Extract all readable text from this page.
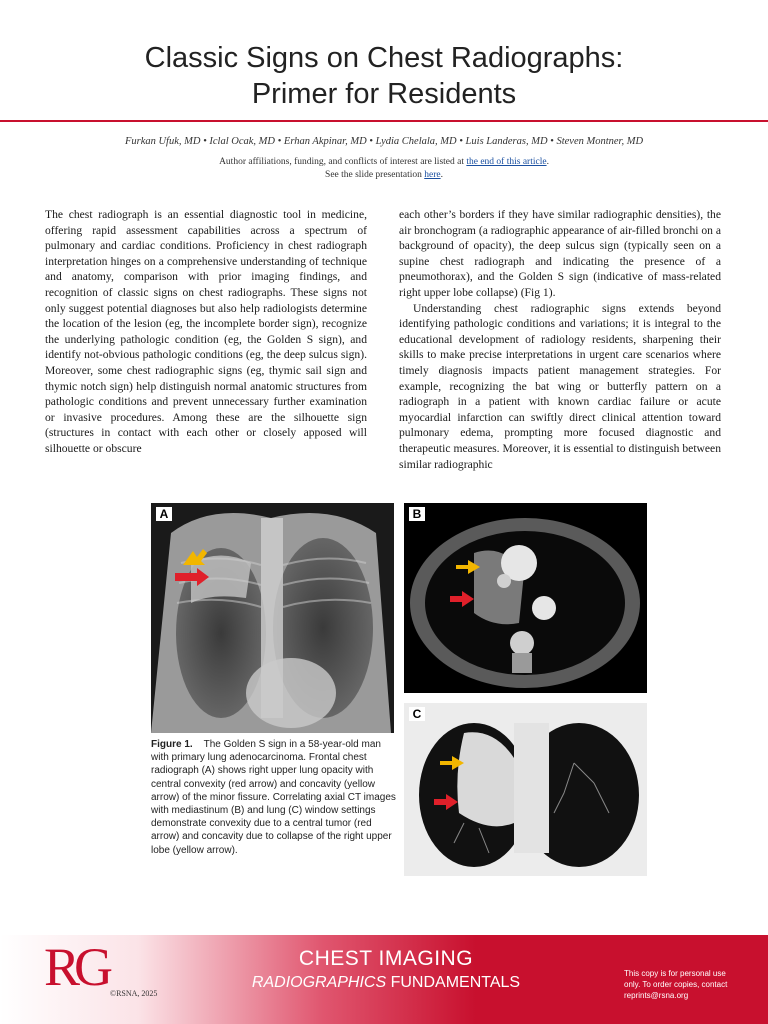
Classic Signs on Chest Radiographs:
Primer for Residents
Furkan Ufuk, MD • Iclal Ocak, MD • Erhan Akpinar, MD • Lydia Chelala, MD • Luis Landeras, MD • Steven Montner, MD
Author affiliations, funding, and conflicts of interest are listed at the end of this article.
See the slide presentation here.

The chest radiograph is an essential diagnostic tool in medicine, offering rapid assessment capabilities across a spectrum of pulmonary and cardiac conditions. Proficiency in chest radiograph interpretation hinges on a comprehensive understanding of technique and anatomy, comparison with prior imaging findings, and recognition of classic signs on chest radiographs. These signs not only suggest potential diagnoses but also help radiologists determine the location of the lesion (eg, the incomplete border sign), recognize the underlying pathologic condition (eg, the Golden S sign), and identify not-obvious pathologic conditions (eg, the deep sulcus sign). Moreover, some chest radiographic signs (eg, thymic sail sign and thymic notch sign) help distinguish normal anatomic structures from pathologic conditions and prevent unnecessary further examination or invasive procedures. Among these are the silhouette sign (structures in contact with each other or closely apposed will silhouette or obscure

each other’s borders if they have similar radiographic densities), the air bronchogram (a radiographic appearance of air-filled bronchi on a background of opacity), the deep sulcus sign (typically seen on a supine chest radiograph and indicating the presence of a pneumothorax), and the Golden S sign (indicative of mass-related right upper lobe collapse) (Fig 1).

Understanding chest radiographic signs extends beyond identifying pathologic conditions and variations; it is integral to the educational development of radiology residents, sharpening their skills to make precise interpretations in urgent care scenarios where timely diagnosis impacts patient management strategies. For example, recognizing the bat wing or butterfly pattern on a radiograph in a patient with known cardiac failure or acute myocardial infarction can swiftly direct clinical attention toward pulmonary edema, prompting more focused diagnostic and therapeutic measures. Moreover, it is essential to distinguish between similar radiographic

A	B
C
Figure 1. The Golden S sign in a 58-year-old man with primary lung adenocarcinoma. Frontal chest radiograph (A) shows right upper lung opacity with central convexity (red arrow) and concavity (yellow arrow) of the minor fissure. Correlating axial CT images with mediastinum (B) and lung (C) window settings demonstrate convexity due to a central tumor (red arrow) and concavity due to collapse of the right upper lobe (yellow arrow).
RG ©RSNA, 2025
CHEST IMAGING
RADIOGRAPHICS FUNDAMENTALS
This copy is for personal use only. To order copies, contact reprints@rsna.org
